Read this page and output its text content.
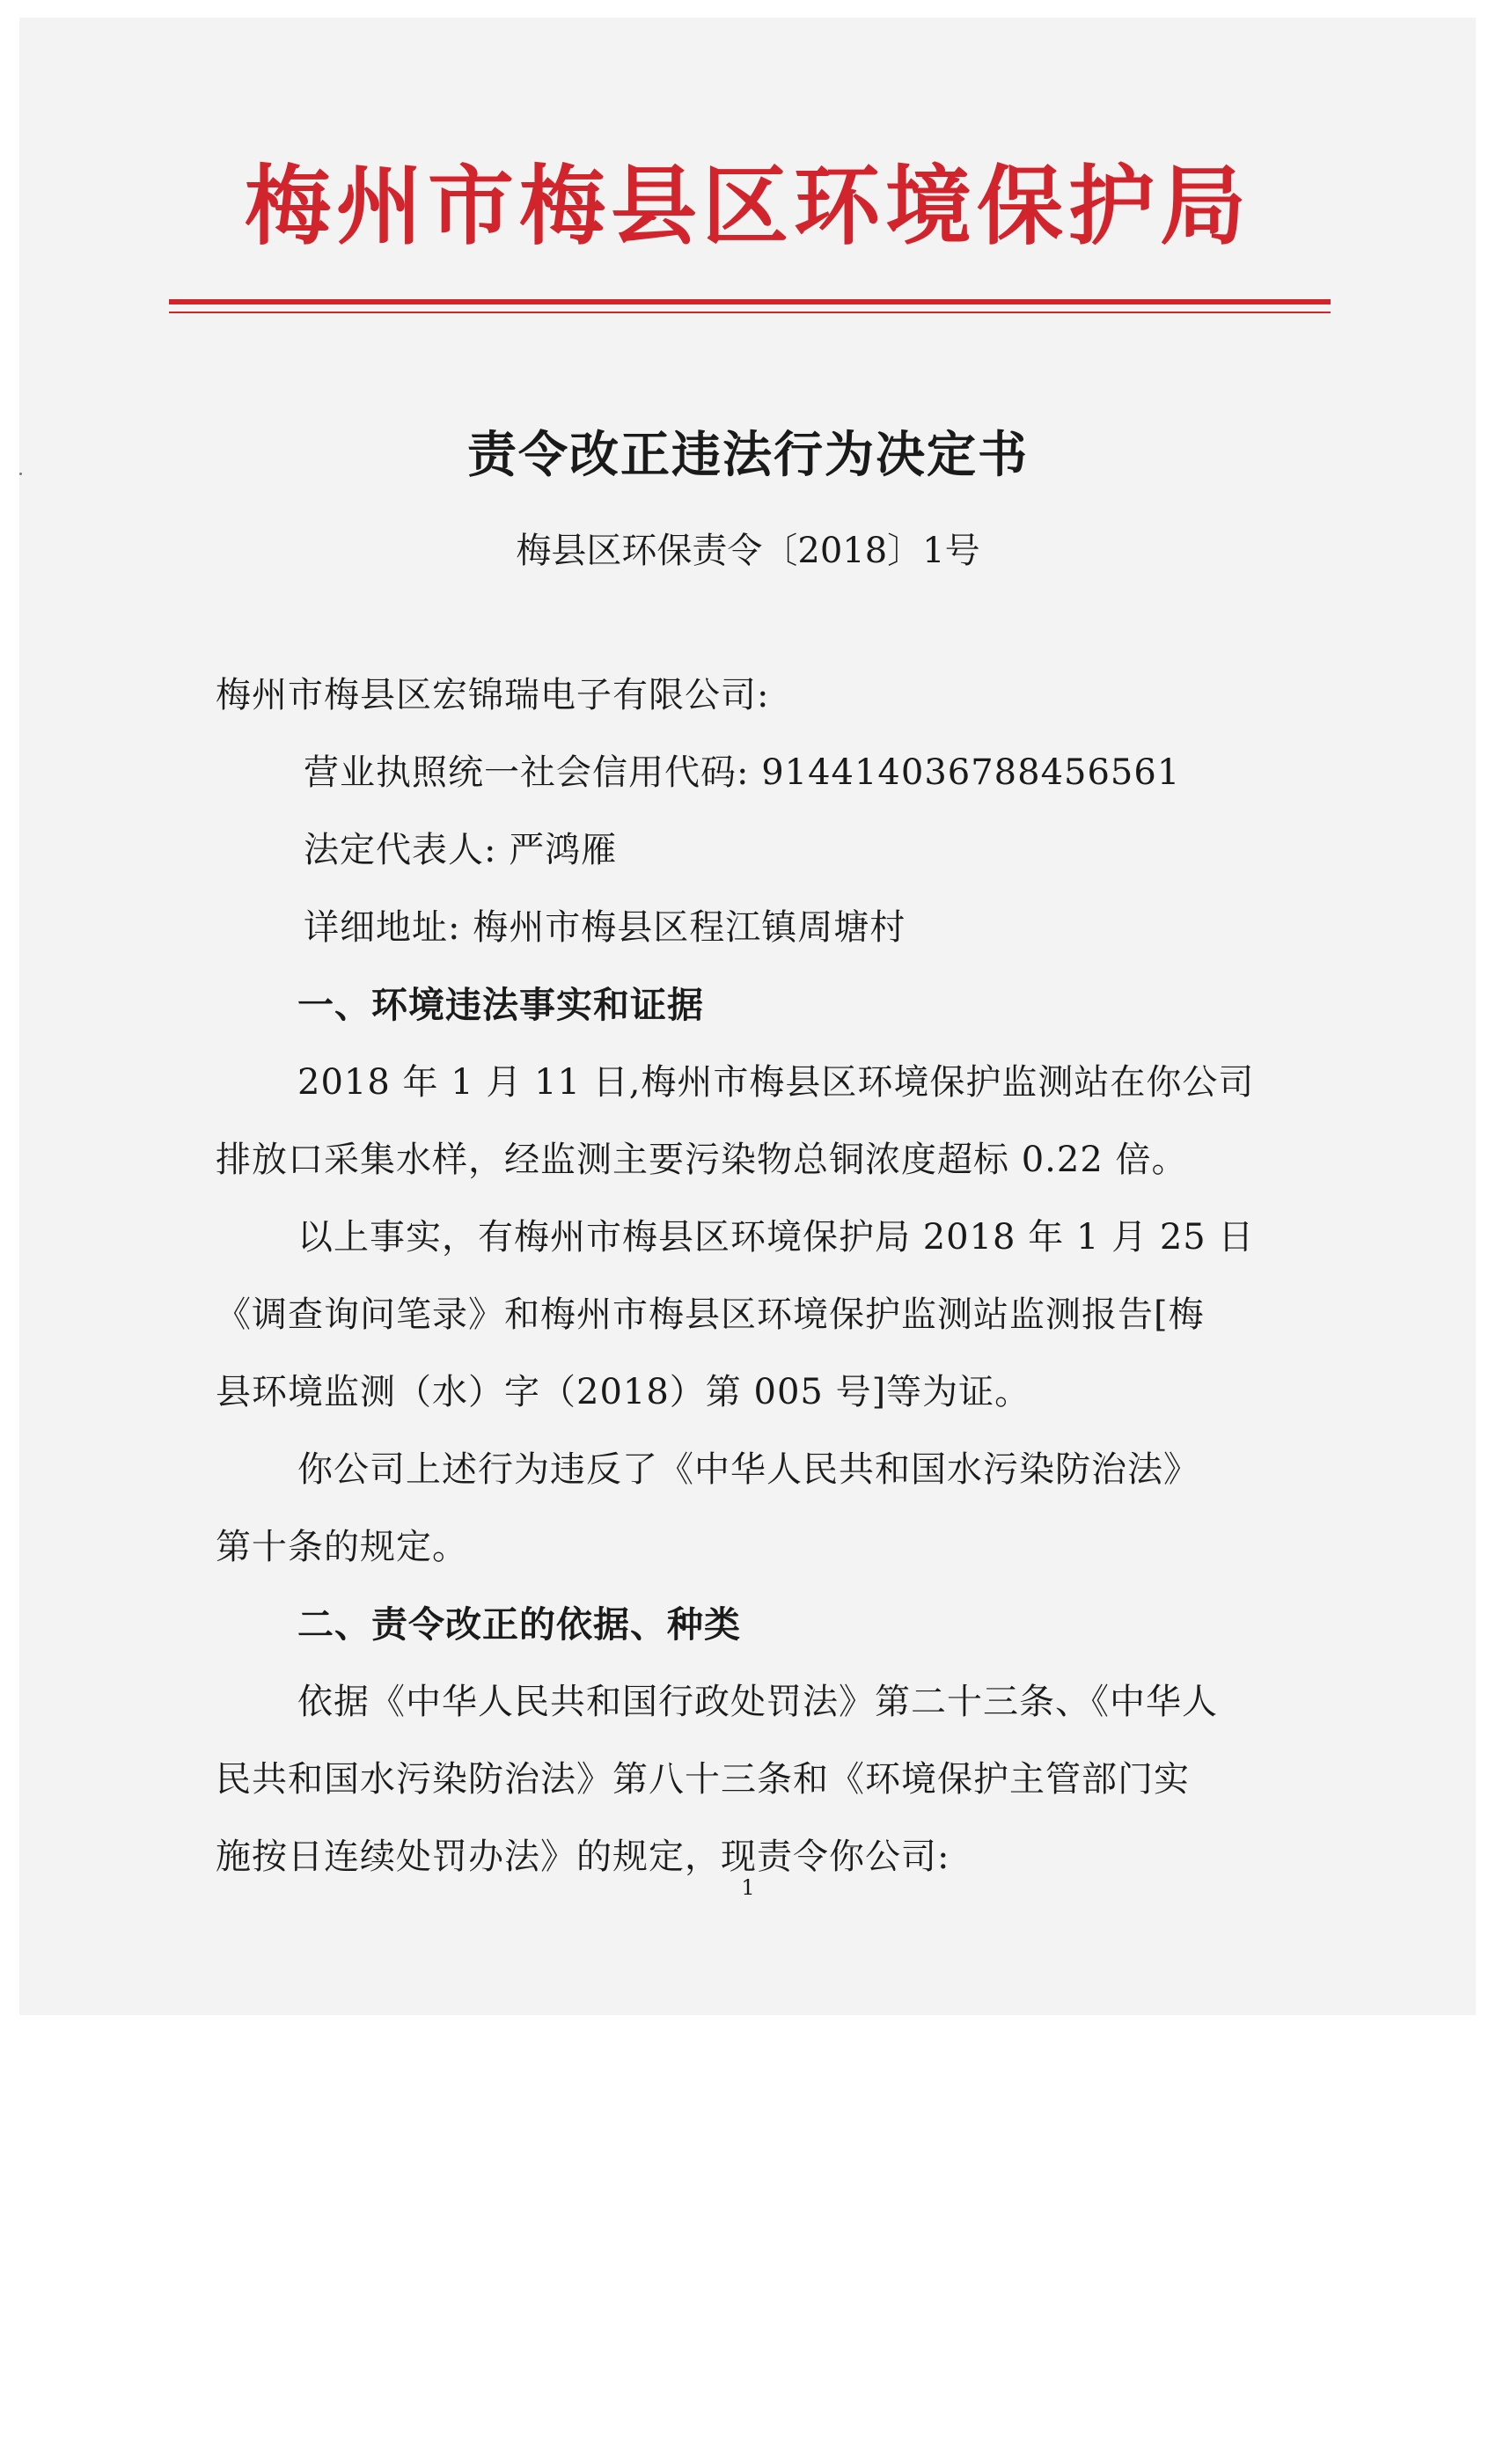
梅州市梅县区环境保护局
责令改正违法行为决定书
梅县区环保责令〔2018〕1号
梅州市梅县区宏锦瑞电子有限公司:
营业执照统一社会信用代码: 914414036788456561
法定代表人: 严鸿雁
详细地址: 梅州市梅县区程江镇周塘村
一、环境违法事实和证据
2018 年 1 月 11 日,梅州市梅县区环境保护监测站在你公司
排放口采集水样，经监测主要污染物总铜浓度超标 0.22 倍。
以上事实，有梅州市梅县区环境保护局 2018 年 1 月 25 日
《调查询问笔录》和梅州市梅县区环境保护监测站监测报告[梅
县环境监测（水）字（2018）第 005 号]等为证。
你公司上述行为违反了《中华人民共和国水污染防治法》
第十条的规定。
二、责令改正的依据、种类
依据《中华人民共和国行政处罚法》第二十三条、《中华人
民共和国水污染防治法》第八十三条和《环境保护主管部门实
施按日连续处罚办法》的规定，现责令你公司:
1
